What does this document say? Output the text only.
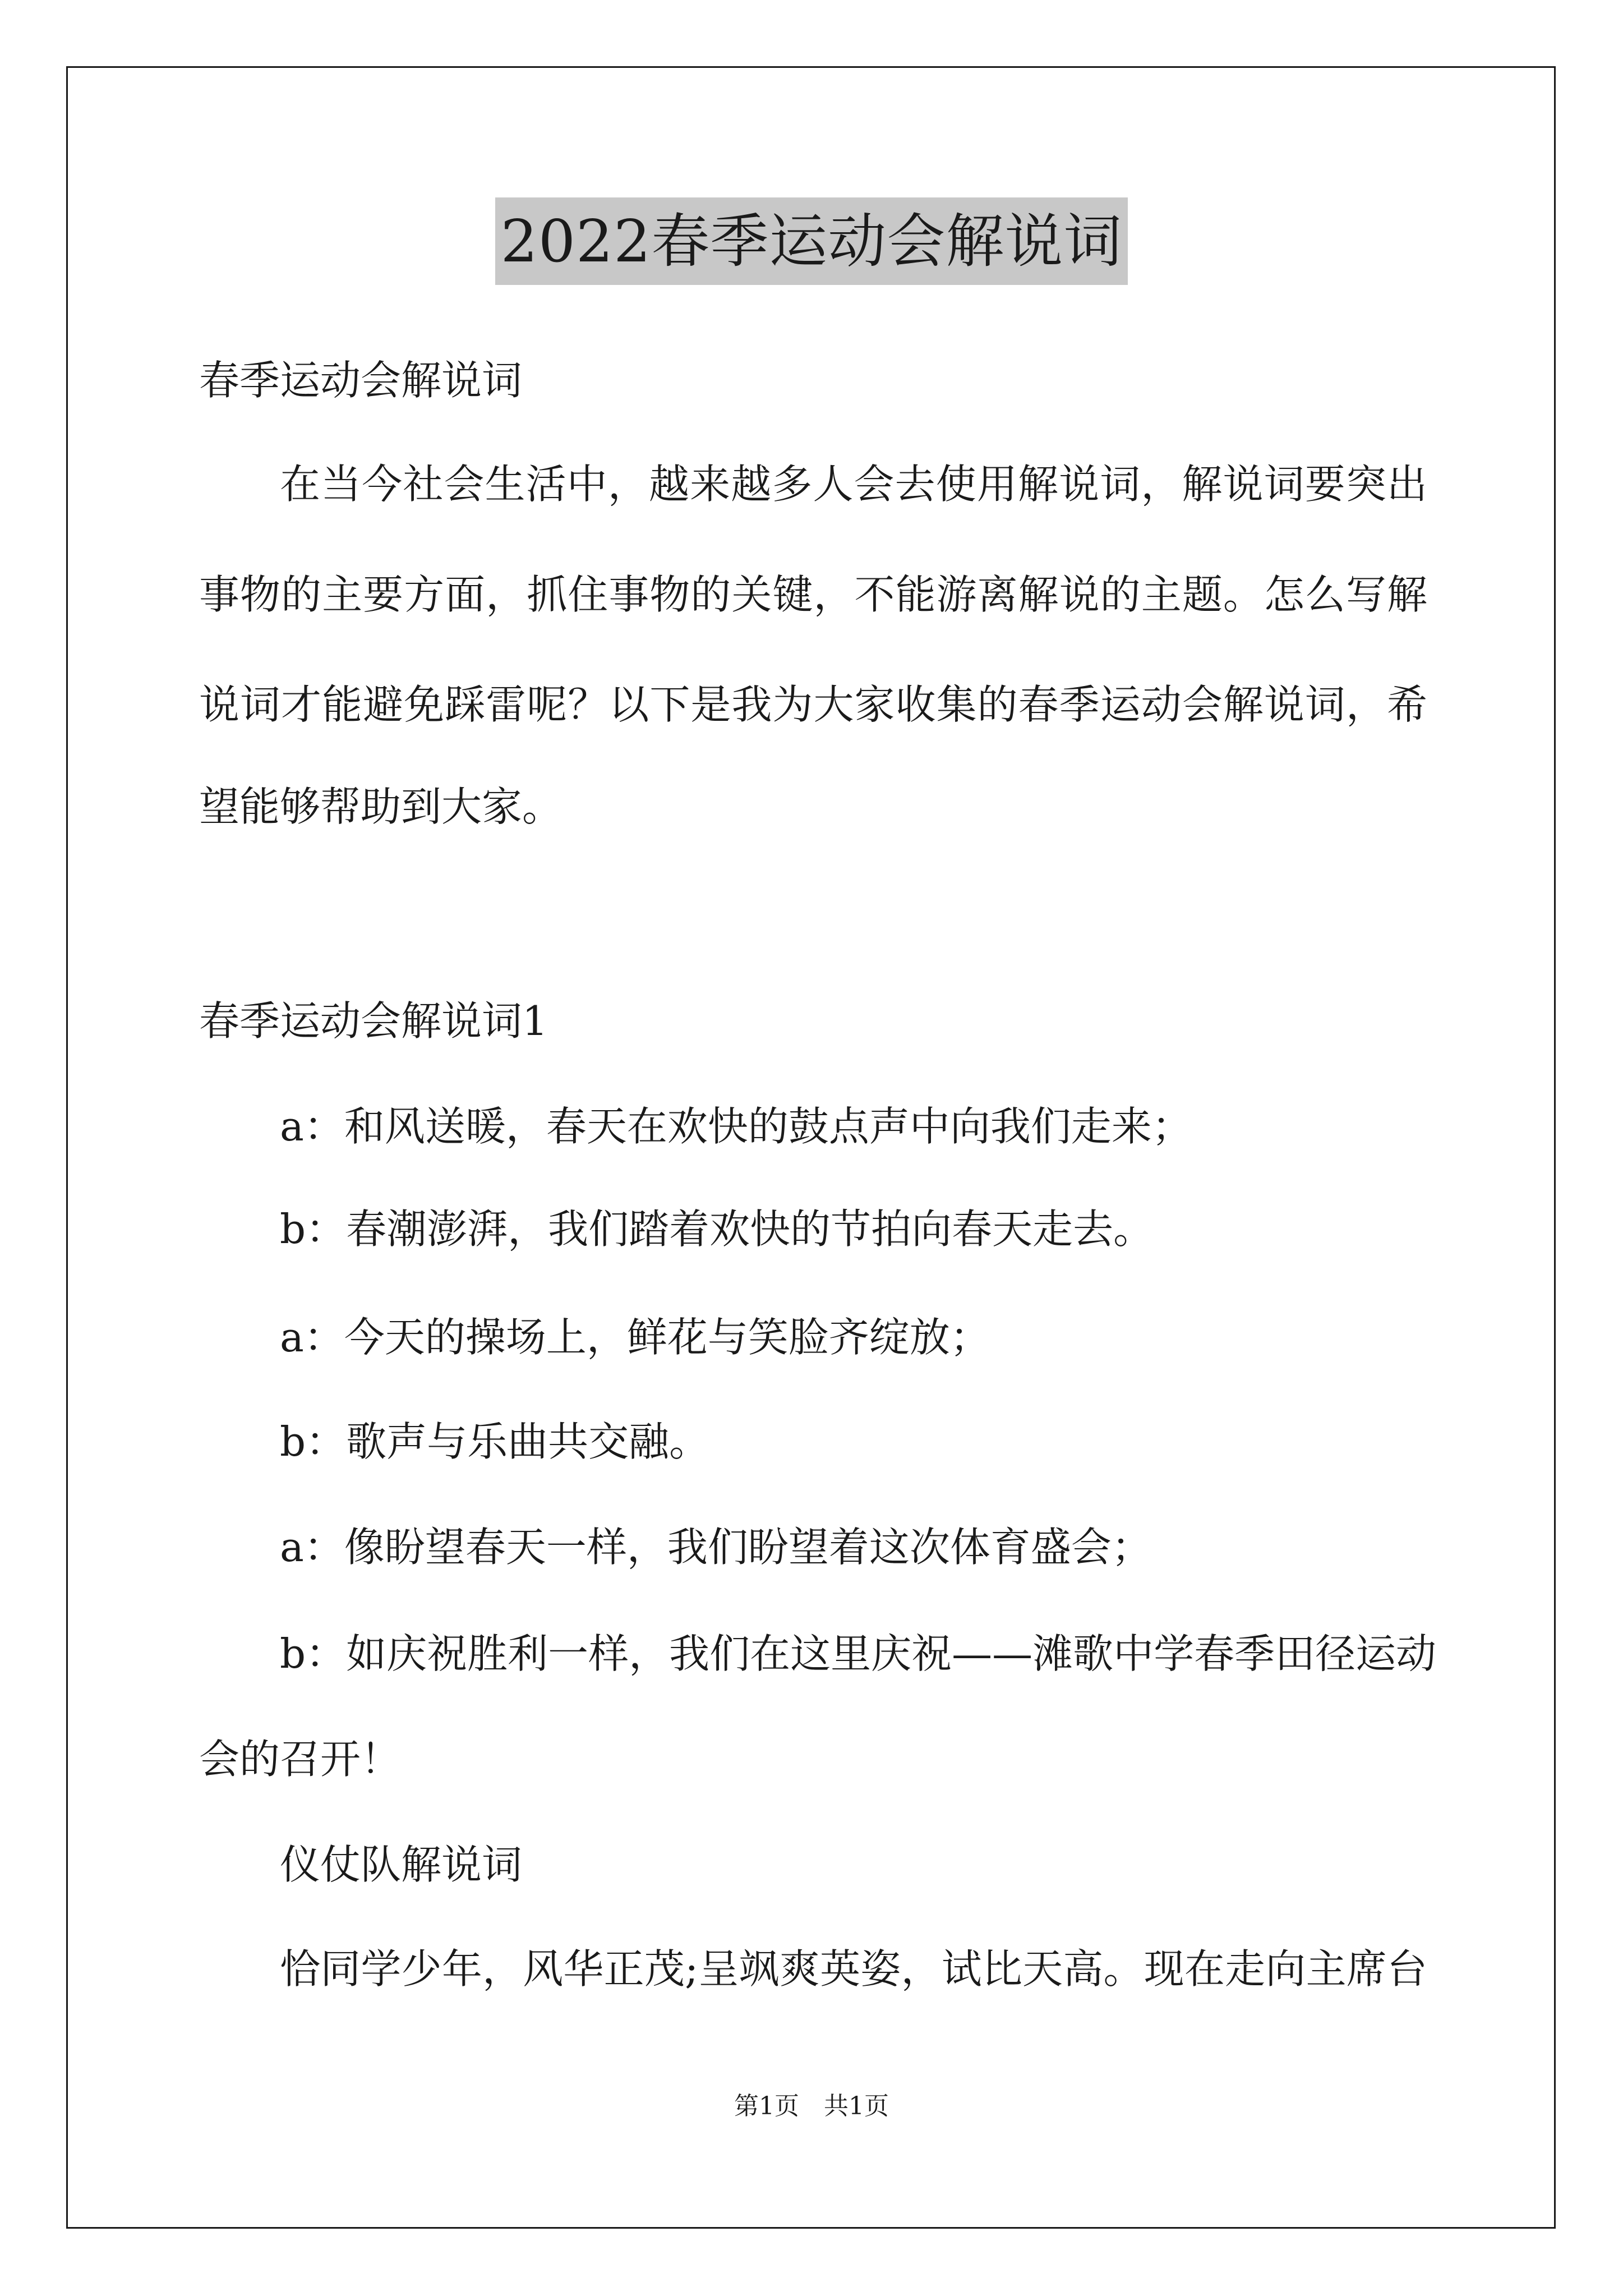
2022春季运动会解说词
春季运动会解说词
在当今社会生活中，越来越多人会去使用解说词，解说词要突出
事物的主要方面，抓住事物的关键，不能游离解说的主题。怎么写解
说词才能避免踩雷呢？以下是我为大家收集的春季运动会解说词，希
望能够帮助到大家。
春季运动会解说词1
a：和风送暖，春天在欢快的鼓点声中向我们走来；
b：春潮澎湃，我们踏着欢快的节拍向春天走去。
a：今天的操场上，鲜花与笑脸齐绽放；
b：歌声与乐曲共交融。
a：像盼望春天一样，我们盼望着这次体育盛会；
b：如庆祝胜利一样，我们在这里庆祝——滩歌中学春季田径运动
会的召开！
仪仗队解说词
恰同学少年，风华正茂;呈飒爽英姿，试比天高。现在走向主席台
第1页　共1页
